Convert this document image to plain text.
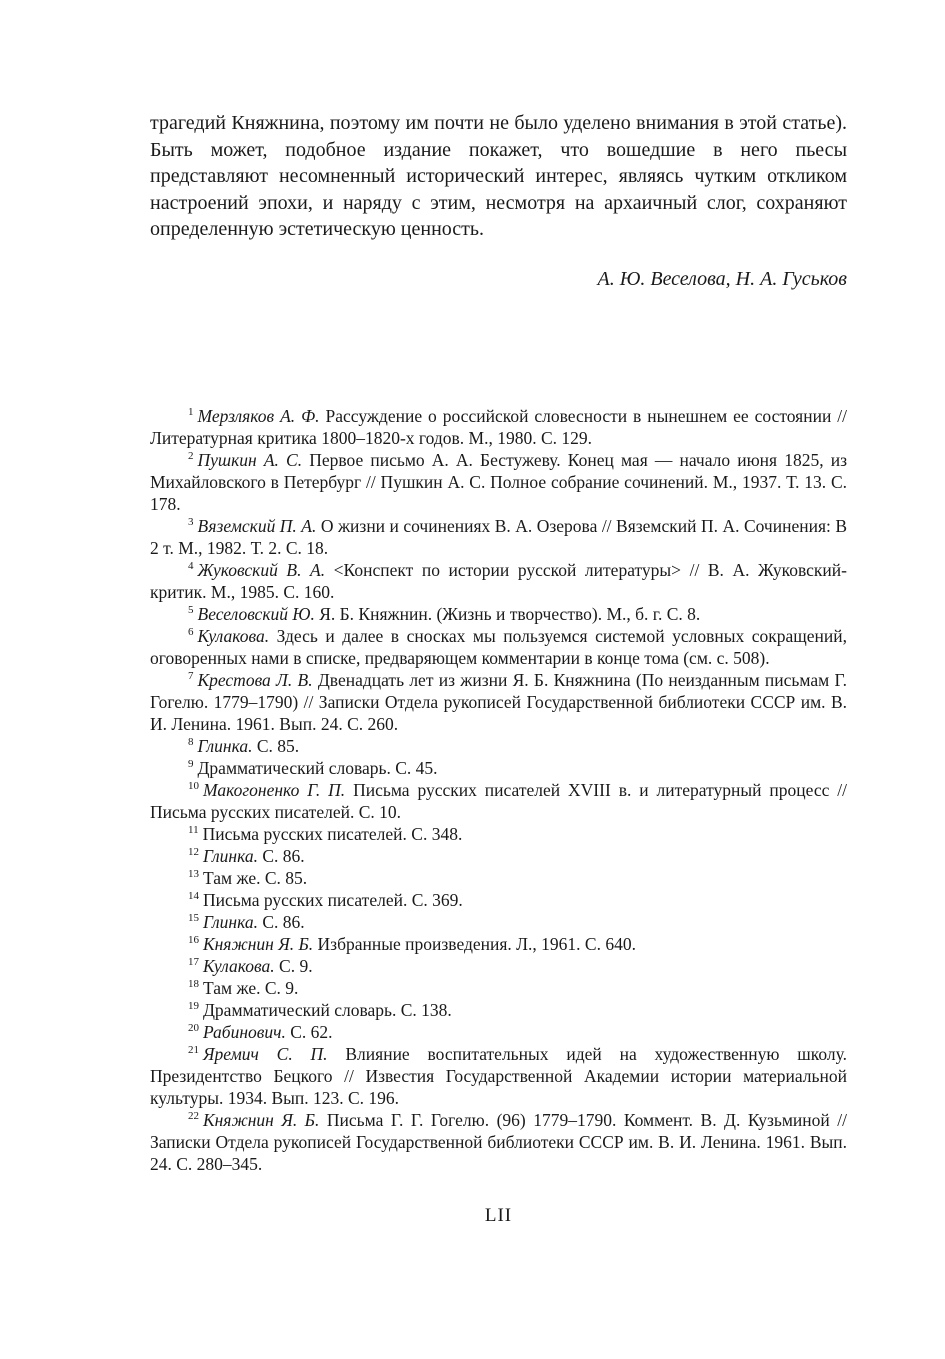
трагедий Княжнина, поэтому им почти не было уделено внимания в этой статье). Быть может, подобное издание покажет, что вошедшие в него пьесы представляют несомненный исторический интерес, являясь чутким откликом настроений эпохи, и наряду с этим, несмотря на архаичный слог, сохраняют определенную эстетическую ценность.

А. Ю. Веселова, Н. А. Гуськов

$^1$ Мерзляков А. Ф. Рассуждение о российской словесности в нынешнем ее состоянии // Литературная критика 1800–1820-х годов. М., 1980. С. 129.

$^2$ Пушкин А. С. Первое письмо А. А. Бестужеву. Конец мая — начало июня 1825, из Михайловского в Петербург // Пушкин А. С. Полное собрание сочинений. М., 1937. Т. 13. С. 178.

$^3$ Вяземский П. А. О жизни и сочинениях В. А. Озерова // Вяземский П. А. Сочинения: В 2 т. М., 1982. Т. 2. С. 18.

$^4$ Жуковский В. А. <Конспект по истории русской литературы> // В. А. Жуковский-критик. М., 1985. С. 160.

$^5$ Веселовский Ю. Я. Б. Княжнин. (Жизнь и творчество). М., б. г. С. 8.

$^6$ Кулакова. Здесь и далее в сносках мы пользуемся системой условных сокращений, оговоренных нами в списке, предваряющем комментарии в конце тома (см. с. 508).

$^7$ Крестова Л. В. Двенадцать лет из жизни Я. Б. Княжнина (По неизданным письмам Г. Гогелю. 1779–1790) // Записки Отдела рукописей Государственной библиотеки СССР им. В. И. Ленина. 1961. Вып. 24. С. 260.

$^8$ Глинка. С. 85.

$^9$ Драмматический словарь. С. 45.

$^{10}$ Макогоненко Г. П. Письма русских писателей XVIII в. и литературный процесс // Письма русских писателей. С. 10.

$^{11}$ Письма русских писателей. С. 348.

$^{12}$ Глинка. С. 86.

$^{13}$ Там же. С. 85.

$^{14}$ Письма русских писателей. С. 369.

$^{15}$ Глинка. С. 86.

$^{16}$ Княжнин Я. Б. Избранные произведения. Л., 1961. С. 640.

$^{17}$ Кулакова. С. 9.

$^{18}$ Там же. С. 9.

$^{19}$ Драмматический словарь. С. 138.

$^{20}$ Рабинович. С. 62.

$^{21}$ Яремич С. П. Влияние воспитательных идей на художественную школу. Президентство Бецкого // Известия Государственной Академии истории материальной культуры. 1934. Вып. 123. С. 196.

$^{22}$ Княжнин Я. Б. Письма Г. Г. Гогелю. (96) 1779–1790. Коммент. В. Д. Кузьминой // Записки Отдела рукописей Государственной библиотеки СССР им. В. И. Ленина. 1961. Вып. 24. С. 280–345.

LII
